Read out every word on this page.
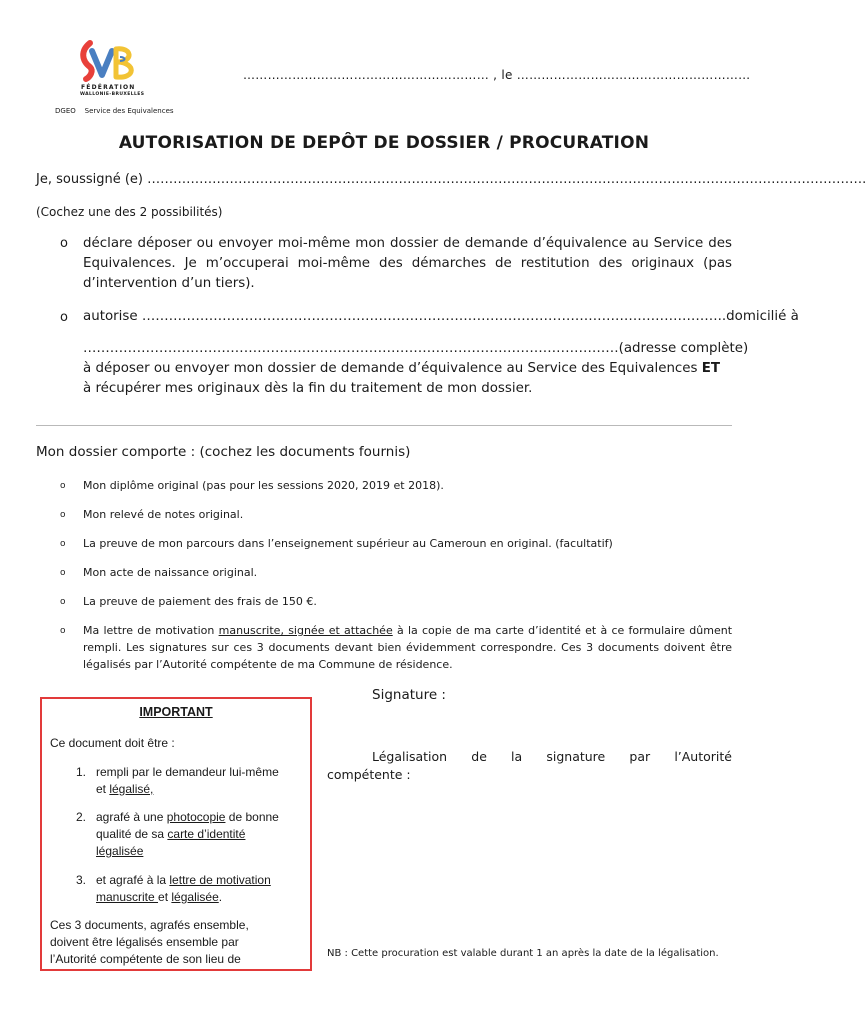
FÉDÉRATION
WALLONIE-BRUXELLES
DGEO    Service des Equivalences
…………………………………………………… , le …………………………………………………
AUTORISATION DE DEPÔT DE DOSSIER / PROCURATION
Je, soussigné (e) ………………………………………………………………………………………………………………………………………………….
(Cochez une des 2 possibilités)
o déclare déposer ou envoyer moi-même mon dossier de demande d’équivalence au Service des Equivalences. Je m’occuperai moi-même des démarches de restitution des originaux (pas d’intervention d’un tiers).
o autorise …………………………………………………………………………………………………………………..domicilié à
…………………………………………………………………………………………………………(adresse complète)
à déposer ou envoyer mon dossier de demande d’équivalence au Service des Equivalences ET
à récupérer mes originaux dès la fin du traitement de mon dossier.
Mon dossier comporte : (cochez les documents fournis)
o Mon diplôme original (pas pour les sessions 2020, 2019 et 2018).
o Mon relevé de notes original.
o La preuve de mon parcours dans l’enseignement supérieur au Cameroun en original. (facultatif)
o Mon acte de naissance original.
o La preuve de paiement des frais de 150 €.
o Ma lettre de motivation manuscrite, signée et attachée à la copie de ma carte d’identité et à ce formulaire dûment rempli. Les signatures sur ces 3 documents devant bien évidemment correspondre. Ces 3 documents doivent être légalisés par l’Autorité compétente de ma Commune de résidence.
IMPORTANT
Ce document doit être :
1. rempli par le demandeur lui-même
et légalisé,
2. agrafé à une photocopie de bonne
qualité de sa carte d’identité
légalisée
3. et agrafé à la lettre de motivation
manuscrite et légalisée.
Ces 3 documents, agrafés ensemble,
doivent être légalisés ensemble par
l’Autorité compétente de son lieu de
Signature :
Légalisation de la signature par l’Autorité
compétente :
NB : Cette procuration est valable durant 1 an après la date de la légalisation.
